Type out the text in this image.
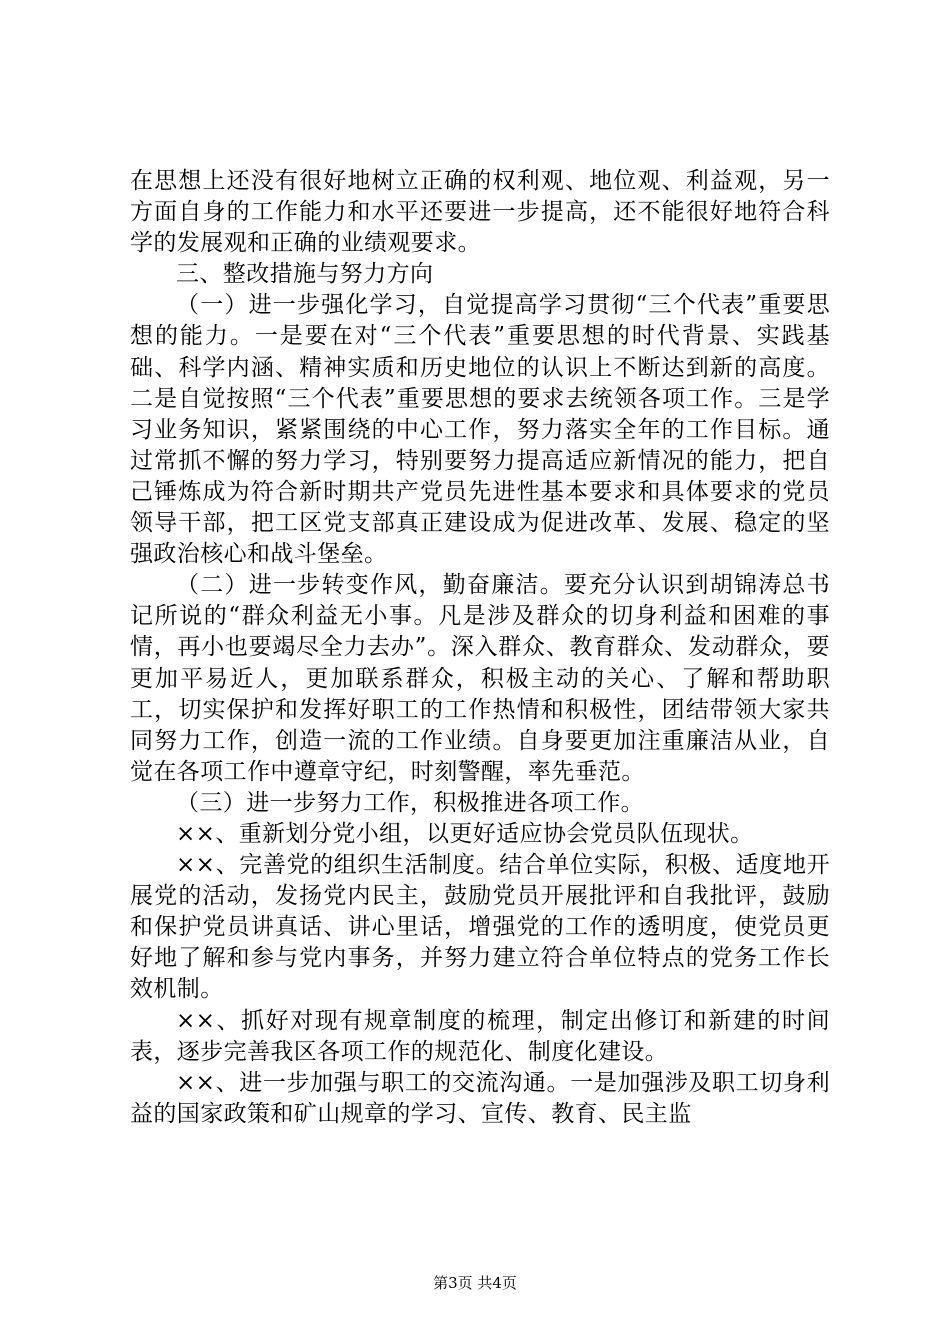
在思想上还没有很好地树立正确的权利观、地位观、利益观，另一方面自身的工作能力和水平还要进一步提高，还不能很好地符合科学的发展观和正确的业绩观要求。

三、整改措施与努力方向

（一）进一步强化学习，自觉提高学习贯彻“三个代表”重要思想的能力。一是要在对“三个代表”重要思想的时代背景、实践基础、科学内涵、精神实质和历史地位的认识上不断达到新的高度。二是自觉按照“三个代表”重要思想的要求去统领各项工作。三是学习业务知识，紧紧围绕的中心工作，努力落实全年的工作目标。通过常抓不懈的努力学习，特别要努力提高适应新情况的能力，把自己锤炼成为符合新时期共产党员先进性基本要求和具体要求的党员领导干部，把工区党支部真正建设成为促进改革、发展、稳定的坚强政治核心和战斗堡垒。

（二）进一步转变作风，勤奋廉洁。要充分认识到胡锦涛总书记所说的“群众利益无小事。凡是涉及群众的切身利益和困难的事情，再小也要竭尽全力去办”。深入群众、教育群众、发动群众，要更加平易近人，更加联系群众，积极主动的关心、了解和帮助职工，切实保护和发挥好职工的工作热情和积极性，团结带领大家共同努力工作，创造一流的工作业绩。自身要更加注重廉洁从业，自觉在各项工作中遵章守纪，时刻警醒，率先垂范。

（三）进一步努力工作，积极推进各项工作。

××、重新划分党小组，以更好适应协会党员队伍现状。

××、完善党的组织生活制度。结合单位实际，积极、适度地开展党的活动，发扬党内民主，鼓励党员开展批评和自我批评，鼓励和保护党员讲真话、讲心里话，增强党的工作的透明度，使党员更好地了解和参与党内事务，并努力建立符合单位特点的党务工作长效机制。

××、抓好对现有规章制度的梳理，制定出修订和新建的时间表，逐步完善我区各项工作的规范化、制度化建设。

××、进一步加强与职工的交流沟通。一是加强涉及职工切身利益的国家政策和矿山规章的学习、宣传、教育、民主监

第3页 共4页
